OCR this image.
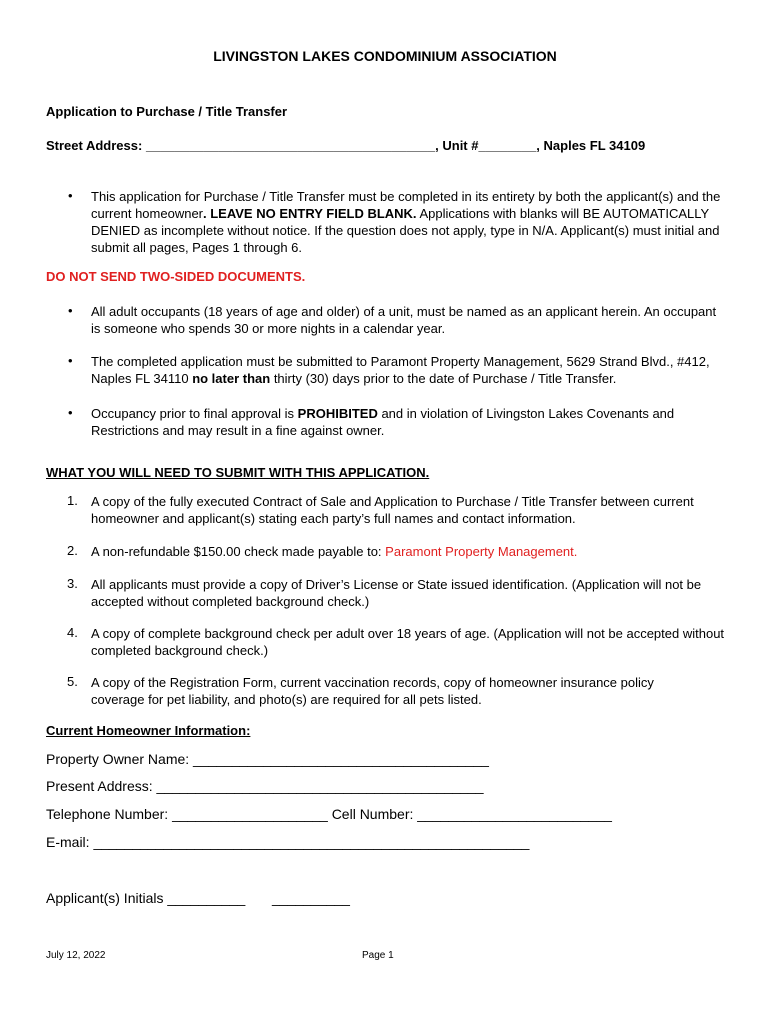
LIVINGSTON LAKES CONDOMINIUM ASSOCIATION
Application to Purchase / Title Transfer
Street Address: ________________________________________, Unit #________, Naples FL 34109
• This application for Purchase / Title Transfer must be completed in its entirety by both the applicant(s) and the current homeowner. LEAVE NO ENTRY FIELD BLANK. Applications with blanks will BE AUTOMATICALLY DENIED as incomplete without notice. If the question does not apply, type in N/A. Applicant(s) must initial and submit all pages, Pages 1 through 6.
DO NOT SEND TWO-SIDED DOCUMENTS.
• All adult occupants (18 years of age and older) of a unit, must be named as an applicant herein. An occupant is someone who spends 30 or more nights in a calendar year.
• The completed application must be submitted to Paramont Property Management, 5629 Strand Blvd., #412, Naples FL 34110 no later than thirty (30) days prior to the date of Purchase / Title Transfer.
• Occupancy prior to final approval is PROHIBITED and in violation of Livingston Lakes Covenants and Restrictions and may result in a fine against owner.
WHAT YOU WILL NEED TO SUBMIT WITH THIS APPLICATION.
1. A copy of the fully executed Contract of Sale and Application to Purchase / Title Transfer between current homeowner and applicant(s) stating each party’s full names and contact information.
2. A non-refundable $150.00 check made payable to: Paramont Property Management.
3. All applicants must provide a copy of Driver’s License or State issued identification. (Application will not be accepted without completed background check.)
4. A copy of complete background check per adult over 18 years of age. (Application will not be accepted without completed background check.)
5. A copy of the Registration Form, current vaccination records, copy of homeowner insurance policy coverage for pet liability, and photo(s) are required for all pets listed.
Current Homeowner Information:
Property Owner Name: ______________________________________
Present Address: __________________________________________
Telephone Number: ____________________ Cell Number: _________________________
E-mail: ________________________________________________________
Applicant(s) Initials __________ __________
July 12, 2022	Page 1
